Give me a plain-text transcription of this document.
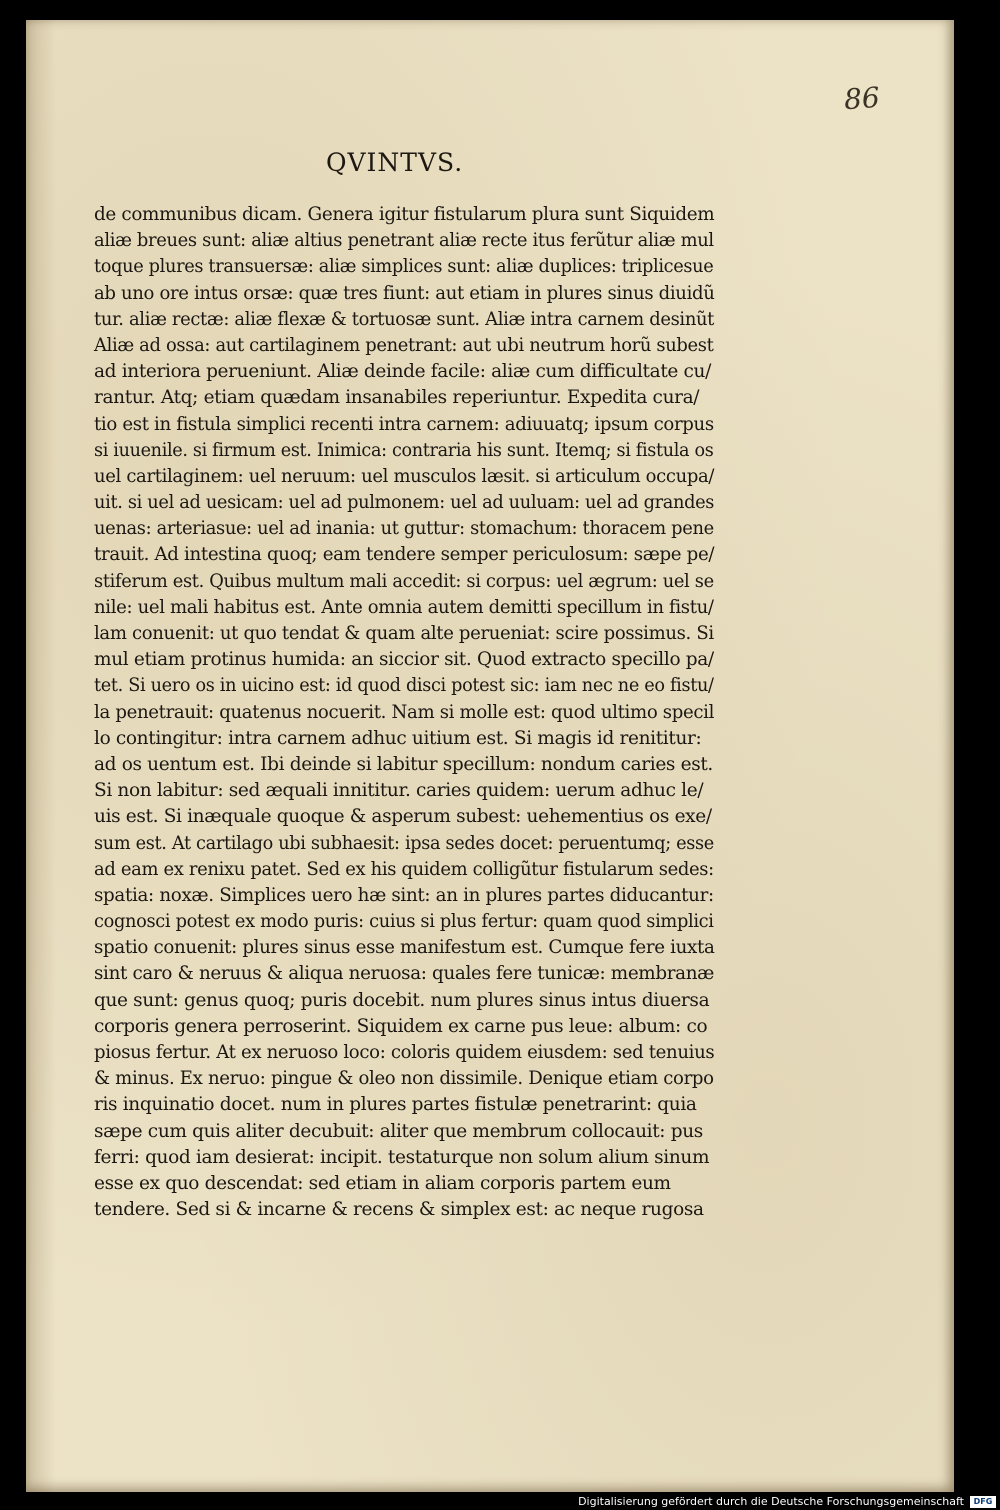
86
QVINTVS.
de communibus dicam. Genera igitur fistularum plura sunt Siquidem
aliæ breues sunt: aliæ altius penetrant aliæ recte itus ferũtur aliæ mul
toque plures transuersæ: aliæ simplices sunt: aliæ duplices: triplicesue
ab uno ore intus orsæ: quæ tres fiunt: aut etiam in plures sinus diuidũ
tur. aliæ rectæ: aliæ flexæ & tortuosæ sunt. Aliæ intra carnem desinũt
Aliæ ad ossa: aut cartilaginem penetrant: aut ubi neutrum horũ subest
ad interiora perueniunt. Aliæ deinde facile: aliæ cum difficultate cu/
rantur. Atq; etiam quædam insanabiles reperiuntur. Expedita cura/
tio est in fistula simplici recenti intra carnem: adiuuatq; ipsum corpus
si iuuenile. si firmum est. Inimica: contraria his sunt. Itemq; si fistula os
uel cartilaginem: uel neruum: uel musculos læsit. si articulum occupa/
uit. si uel ad uesicam: uel ad pulmonem: uel ad uuluam: uel ad grandes
uenas: arteriasue: uel ad inania: ut guttur: stomachum: thoracem pene
trauit. Ad intestina quoq; eam tendere semper periculosum: sæpe pe/
stiferum est. Quibus multum mali accedit: si corpus: uel ægrum: uel se
nile: uel mali habitus est. Ante omnia autem demitti specillum in fistu/
lam conuenit: ut quo tendat & quam alte perueniat: scire possimus. Si
mul etiam protinus humida: an siccior sit. Quod extracto specillo pa/
tet. Si uero os in uicino est: id quod disci potest sic: iam nec ne eo fistu/
la penetrauit: quatenus nocuerit. Nam si molle est: quod ultimo specil
lo contingitur: intra carnem adhuc uitium est. Si magis id renititur:
ad os uentum est. Ibi deinde si labitur specillum: nondum caries est.
Si non labitur: sed æquali innititur. caries quidem: uerum adhuc le/
uis est. Si inæquale quoque & asperum subest: uehementius os exe/
sum est. At cartilago ubi subhaesit: ipsa sedes docet: peruentumq; esse
ad eam ex renixu patet. Sed ex his quidem colligũtur fistularum sedes:
spatia: noxæ. Simplices uero hæ sint: an in plures partes diducantur:
cognosci potest ex modo puris: cuius si plus fertur: quam quod simplici
spatio conuenit: plures sinus esse manifestum est. Cumque fere iuxta
sint caro & neruus & aliqua neruosa: quales fere tunicæ: membranæ
que sunt: genus quoq; puris docebit. num plures sinus intus diuersa
corporis genera perroserint. Siquidem ex carne pus leue: album: co
piosus fertur. At ex neruoso loco: coloris quidem eiusdem: sed tenuius
& minus. Ex neruo: pingue & oleo non dissimile. Denique etiam corpo
ris inquinatio docet. num in plures partes fistulæ penetrarint: quia
sæpe cum quis aliter decubuit: aliter que membrum collocauit: pus
ferri: quod iam desierat: incipit. testaturque non solum alium sinum
esse ex quo descendat: sed etiam in aliam corporis partem eum
tendere. Sed si & incarne & recens & simplex est: ac neque rugosa
Digitalisierung gefördert durch die Deutsche Forschungsgemeinschaft	DFG
